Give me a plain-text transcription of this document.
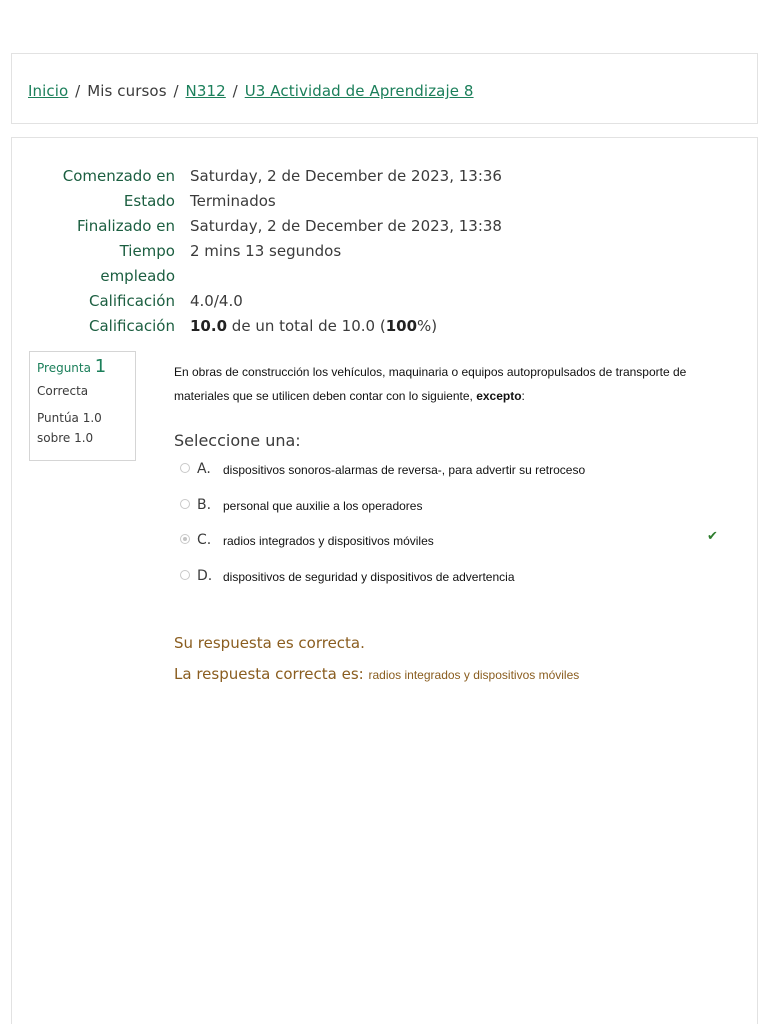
Inicio / Mis cursos / N312 / U3 Actividad de Aprendizaje 8
Comenzado en Saturday, 2 de December de 2023, 13:36
Estado Terminados
Finalizado en Saturday, 2 de December de 2023, 13:38
Tiempo empleado
2 mins 13 segundos
Calificación 4.0/4.0
Calificación 10.0 de un total de 10.0 (100%)
Pregunta 1
Correcta
Puntúa 1.0 sobre 1.0
En obras de construcción los vehículos, maquinaria o equipos autopropulsados de transporte de materiales que se utilicen deben contar con lo siguiente, excepto:
Seleccione una:
A. dispositivos sonoros-alarmas de reversa-, para advertir su retroceso
B. personal que auxilie a los operadores
C. radios integrados y dispositivos móviles	✔
D. dispositivos de seguridad y dispositivos de advertencia
Su respuesta es correcta.
La respuesta correcta es: radios integrados y dispositivos móviles
